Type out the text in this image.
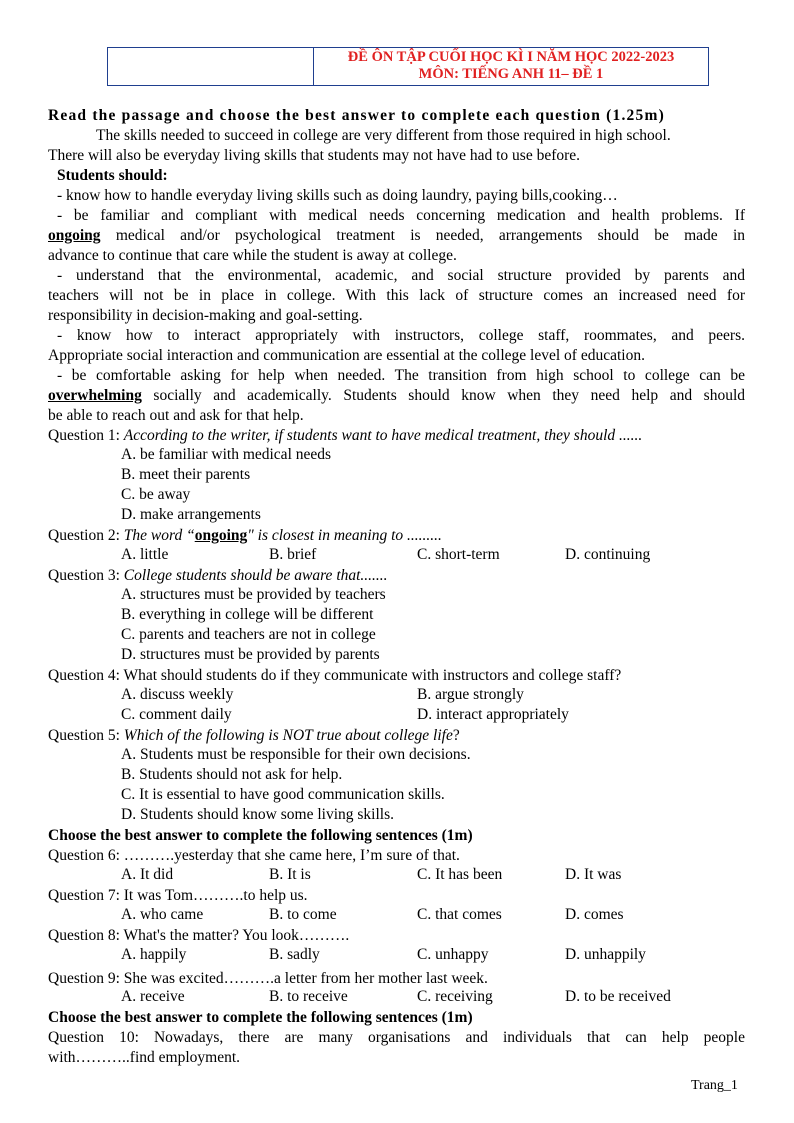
ĐỀ ÔN TẬP CUỐI HỌC KÌ I NĂM HỌC 2022-2023
MÔN: TIẾNG ANH 11– ĐỀ 1
Read the passage and choose the best answer to complete each question (1.25m)
The skills needed to succeed in college are very different from those required in high school.
There will also be everyday living skills that students may not have had to use before.
Students should:
- know how to handle everyday living skills such as doing laundry, paying bills,cooking…
- be familiar and compliant with medical needs concerning medication and health problems. If
ongoing medical and/or psychological treatment is needed, arrangements should be made in
advance to continue that care while the student is away at college.
- understand that the environmental, academic, and social structure provided by parents and
teachers will not be in place in college. With this lack of structure comes an increased need for
responsibility in decision-making and goal-setting.
- know how to interact appropriately with instructors, college staff, roommates, and peers.
Appropriate social interaction and communication are essential at the college level of education.
- be comfortable asking for help when needed. The transition from high school to college can be
overwhelming socially and academically. Students should know when they need help and should
be able to reach out and ask for that help.
Question 1: According to the writer, if students want to have medical treatment, they should ......
A. be familiar with medical needs
B. meet their parents
C. be away
D. make arrangements
Question 2: The word “ongoing" is closest in meaning to .........
A. little	B. brief	C. short-term	D. continuing
Question 3: College students should be aware that.......
A. structures must be provided by teachers
B. everything in college will be different
C. parents and teachers are not in college
D. structures must be provided by parents
Question 4: What should students do if they communicate with instructors and college staff?
A. discuss weekly	B. argue strongly
C. comment daily	D. interact appropriately
Question 5: Which of the following is NOT true about college life?
A. Students must be responsible for their own decisions.
B. Students should not ask for help.
C. It is essential to have good communication skills.
D. Students should know some living skills.
Choose the best answer to complete the following sentences (1m)
Question 6: ……….yesterday that she came here, I’m sure of that.
A. It did	B. It is	C. It has been	D. It was
Question 7: It was Tom……….to help us.
A. who came	B. to come	C. that comes	D. comes
Question 8: What's the matter? You look……….
A. happily	B. sadly	C. unhappy	D. unhappily
Question 9: She was excited……….a letter from her mother last week.
A. receive	B. to receive	C. receiving	D. to be received
Choose the best answer to complete the following sentences (1m)
Question 10: Nowadays, there are many organisations and individuals that can help people
with………..find employment.
Trang_1
